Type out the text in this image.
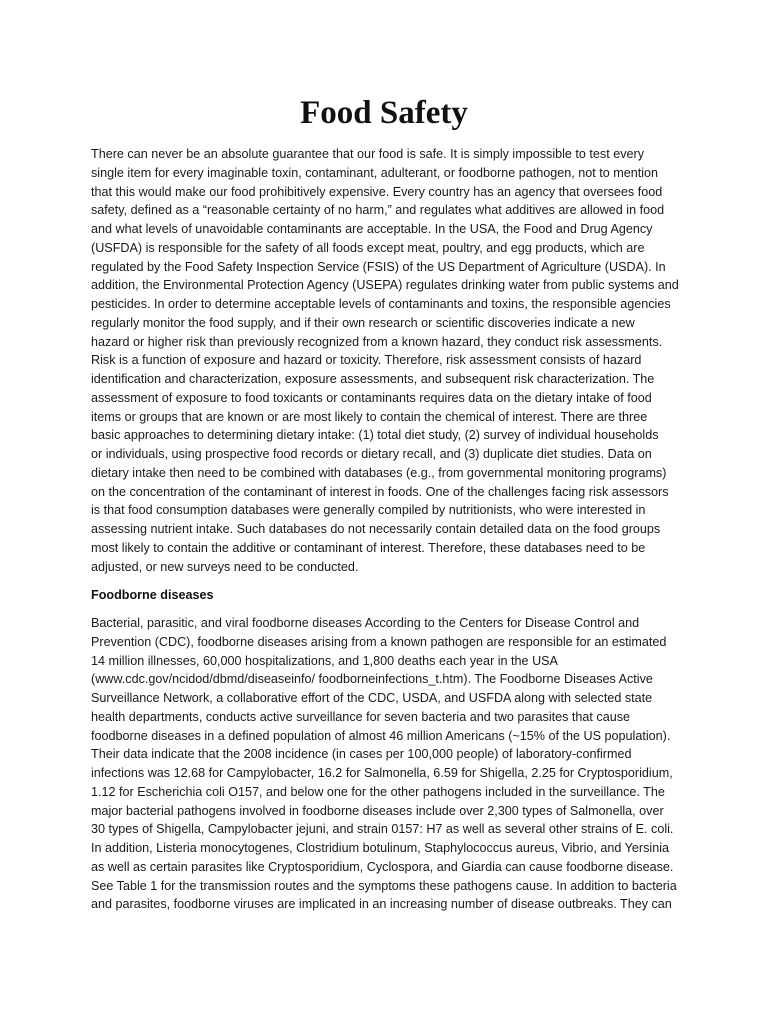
Food Safety
There can never be an absolute guarantee that our food is safe. It is simply impossible to test every
single item for every imaginable toxin, contaminant, adulterant, or foodborne pathogen, not to mention
that this would make our food prohibitively expensive. Every country has an agency that oversees food
safety, defined as a “reasonable certainty of no harm,” and regulates what additives are allowed in food
and what levels of unavoidable contaminants are acceptable. In the USA, the Food and Drug Agency
(USFDA) is responsible for the safety of all foods except meat, poultry, and egg products, which are
regulated by the Food Safety Inspection Service (FSIS) of the US Department of Agriculture (USDA). In
addition, the Environmental Protection Agency (USEPA) regulates drinking water from public systems and
pesticides. In order to determine acceptable levels of contaminants and toxins, the responsible agencies
regularly monitor the food supply, and if their own research or scientific discoveries indicate a new
hazard or higher risk than previously recognized from a known hazard, they conduct risk assessments.
Risk is a function of exposure and hazard or toxicity. Therefore, risk assessment consists of hazard
identification and characterization, exposure assessments, and subsequent risk characterization. The
assessment of exposure to food toxicants or contaminants requires data on the dietary intake of food
items or groups that are known or are most likely to contain the chemical of interest. There are three
basic approaches to determining dietary intake: (1) total diet study, (2) survey of individual households
or individuals, using prospective food records or dietary recall, and (3) duplicate diet studies. Data on
dietary intake then need to be combined with databases (e.g., from governmental monitoring programs)
on the concentration of the contaminant of interest in foods. One of the challenges facing risk assessors
is that food consumption databases were generally compiled by nutritionists, who were interested in
assessing nutrient intake. Such databases do not necessarily contain detailed data on the food groups
most likely to contain the additive or contaminant of interest. Therefore, these databases need to be
adjusted, or new surveys need to be conducted.
Foodborne diseases
Bacterial, parasitic, and viral foodborne diseases According to the Centers for Disease Control and
Prevention (CDC), foodborne diseases arising from a known pathogen are responsible for an estimated
14 million illnesses, 60,000 hospitalizations, and 1,800 deaths each year in the USA
(www.cdc.gov/ncidod/dbmd/diseaseinfo/ foodborneinfections_t.htm). The Foodborne Diseases Active
Surveillance Network, a collaborative effort of the CDC, USDA, and USFDA along with selected state
health departments, conducts active surveillance for seven bacteria and two parasites that cause
foodborne diseases in a defined population of almost 46 million Americans (~15% of the US population).
Their data indicate that the 2008 incidence (in cases per 100,000 people) of laboratory-confirmed
infections was 12.68 for Campylobacter, 16.2 for Salmonella, 6.59 for Shigella, 2.25 for Cryptosporidium,
1.12 for Escherichia coli O157, and below one for the other pathogens included in the surveillance. The
major bacterial pathogens involved in foodborne diseases include over 2,300 types of Salmonella, over
30 types of Shigella, Campylobacter jejuni, and strain 0157: H7 as well as several other strains of E. coli.
In addition, Listeria monocytogenes, Clostridium botulinum, Staphylococcus aureus, Vibrio, and Yersinia
as well as certain parasites like Cryptosporidium, Cyclospora, and Giardia can cause foodborne disease.
See Table 1 for the transmission routes and the symptoms these pathogens cause. In addition to bacteria
and parasites, foodborne viruses are implicated in an increasing number of disease outbreaks. They can
